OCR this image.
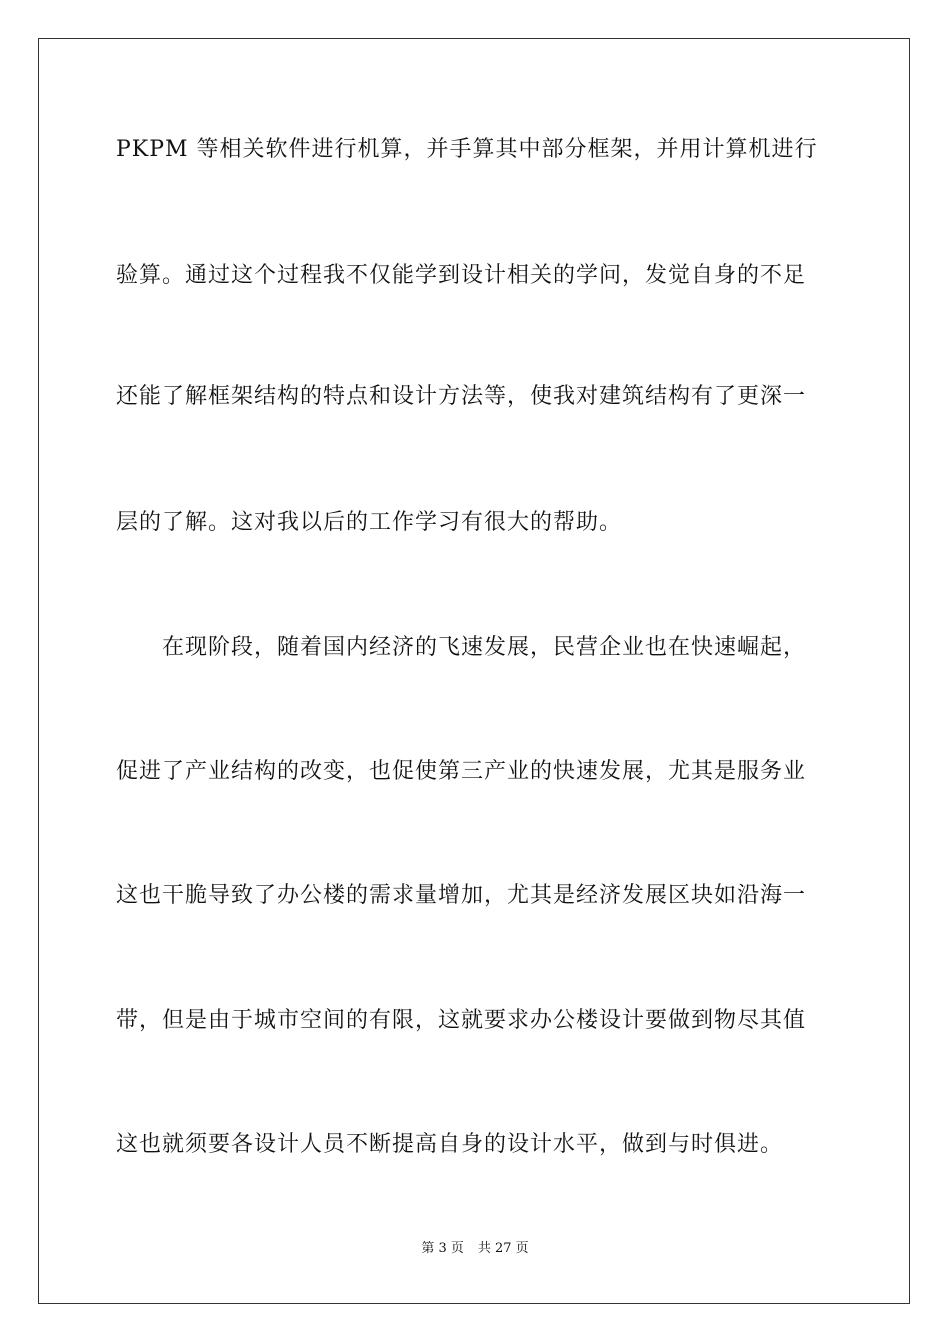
PKPM 等相关软件进行机算，并手算其中部分框架，并用计算机进行
验算。通过这个过程我不仅能学到设计相关的学问，发觉自身的不足
还能了解框架结构的特点和设计方法等，使我对建筑结构有了更深一
层的了解。这对我以后的工作学习有很大的帮助。
　　在现阶段，随着国内经济的飞速发展，民营企业也在快速崛起，
促进了产业结构的改变，也促使第三产业的快速发展，尤其是服务业
这也干脆导致了办公楼的需求量增加，尤其是经济发展区块如沿海一
带，但是由于城市空间的有限，这就要求办公楼设计要做到物尽其值
这也就须要各设计人员不断提高自身的设计水平，做到与时俱进。
第 3 页 共 27 页
